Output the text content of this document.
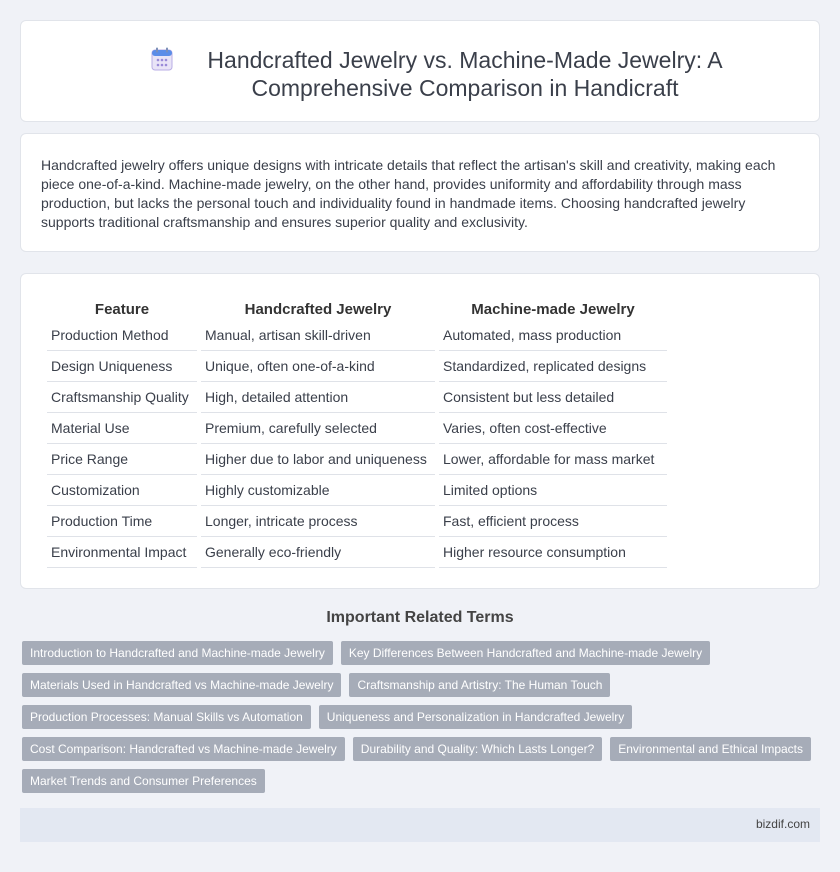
Handcrafted Jewelry vs. Machine-Made Jewelry: A Comprehensive Comparison in Handicraft

Handcrafted jewelry offers unique designs with intricate details that reflect the artisan's skill and creativity, making each piece one-of-a-kind. Machine-made jewelry, on the other hand, provides uniformity and affordability through mass production, but lacks the personal touch and individuality found in handmade items. Choosing handcrafted jewelry supports traditional craftsmanship and ensures superior quality and exclusivity.

Feature	Handcrafted Jewelry	Machine-made Jewelry
Production Method	Manual, artisan skill-driven	Automated, mass production
Design Uniqueness	Unique, often one-of-a-kind	Standardized, replicated designs
Craftsmanship Quality	High, detailed attention	Consistent but less detailed
Material Use	Premium, carefully selected	Varies, often cost-effective
Price Range	Higher due to labor and uniqueness	Lower, affordable for mass market
Customization	Highly customizable	Limited options
Production Time	Longer, intricate process	Fast, efficient process
Environmental Impact	Generally eco-friendly	Higher resource consumption
Important Related Terms
Introduction to Handcrafted and Machine-made Jewelry	Key Differences Between Handcrafted and Machine-made Jewelry
Materials Used in Handcrafted vs Machine-made Jewelry	Craftsmanship and Artistry: The Human Touch
Production Processes: Manual Skills vs Automation	Uniqueness and Personalization in Handcrafted Jewelry
Cost Comparison: Handcrafted vs Machine-made Jewelry	Durability and Quality: Which Lasts Longer?	Environmental and Ethical Impacts
Market Trends and Consumer Preferences
bizdif.com
